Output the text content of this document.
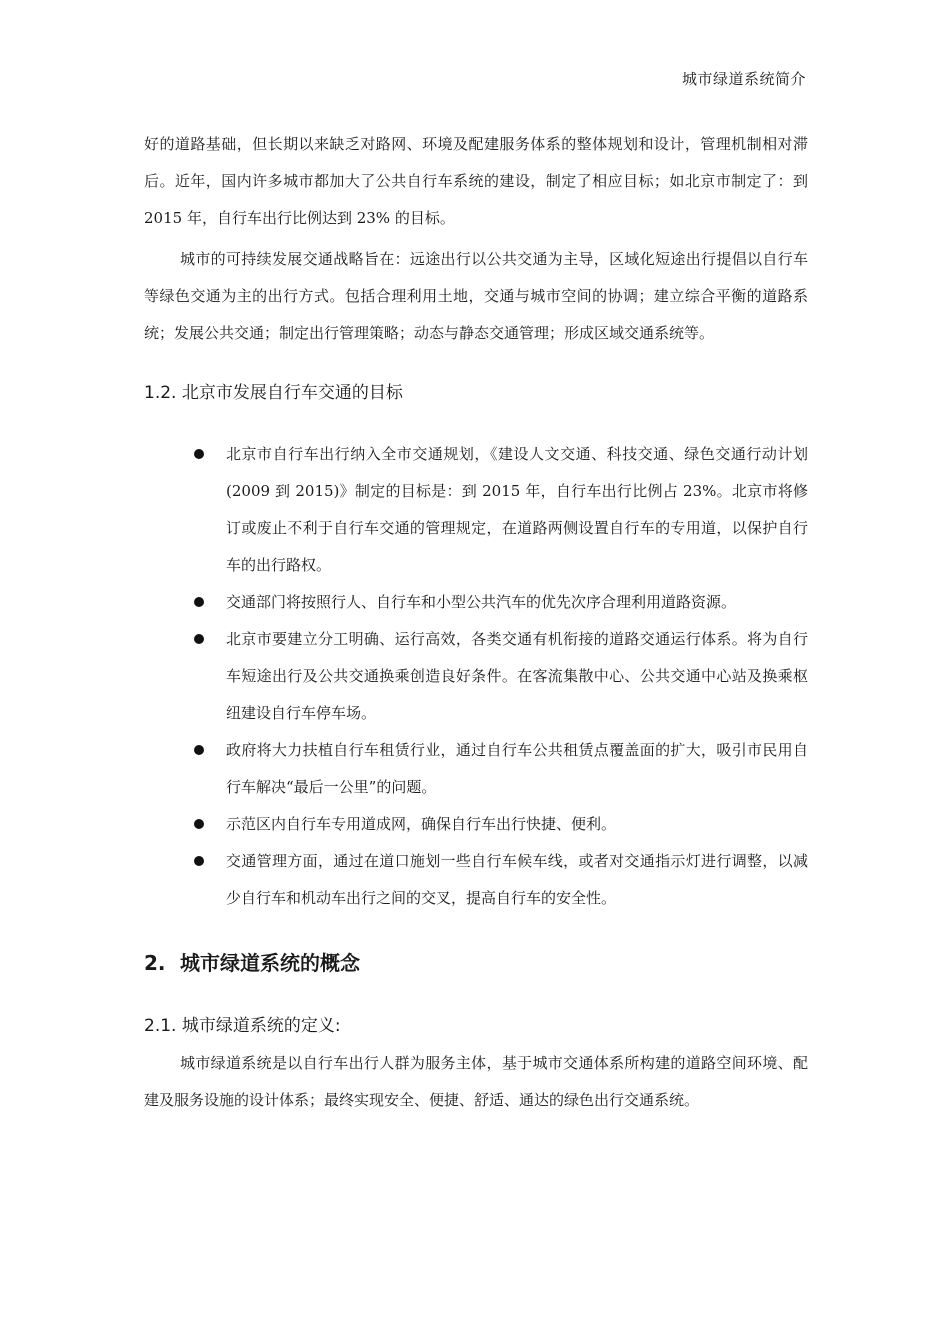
城市绿道系统简介

好的道路基础，但长期以来缺乏对路网、环境及配建服务体系的整体规划和设计，管理机制相对滞后。近年，国内许多城市都加大了公共自行车系统的建设，制定了相应目标；如北京市制定了：到 2015 年，自行车出行比例达到 23% 的目标。

城市的可持续发展交通战略旨在：远途出行以公共交通为主导，区域化短途出行提倡以自行车等绿色交通为主的出行方式。包括合理利用土地，交通与城市空间的协调；建立综合平衡的道路系统；发展公共交通；制定出行管理策略；动态与静态交通管理；形成区域交通系统等。

1.2. 北京市发展自行车交通的目标
北京市自行车出行纳入全市交通规划，《建设人文交通、科技交通、绿色交通行动计划(2009 到 2015)》制定的目标是：到 2015 年，自行车出行比例占 23%。北京市将修订或废止不利于自行车交通的管理规定，在道路两侧设置自行车的专用道，以保护自行车的出行路权。
交通部门将按照行人、自行车和小型公共汽车的优先次序合理利用道路资源。
北京市要建立分工明确、运行高效，各类交通有机衔接的道路交通运行体系。将为自行车短途出行及公共交通换乘创造良好条件。在客流集散中心、公共交通中心站及换乘枢纽建设自行车停车场。
政府将大力扶植自行车租赁行业，通过自行车公共租赁点覆盖面的扩大，吸引市民用自行车解决“最后一公里”的问题。
示范区内自行车专用道成网，确保自行车出行快捷、便利。
交通管理方面，通过在道口施划一些自行车候车线，或者对交通指示灯进行调整，以减少自行车和机动车出行之间的交叉，提高自行车的安全性。
2. 城市绿道系统的概念
2.1. 城市绿道系统的定义:

城市绿道系统是以自行车出行人群为服务主体，基于城市交通体系所构建的道路空间环境、配建及服务设施的设计体系；最终实现安全、便捷、舒适、通达的绿色出行交通系统。
